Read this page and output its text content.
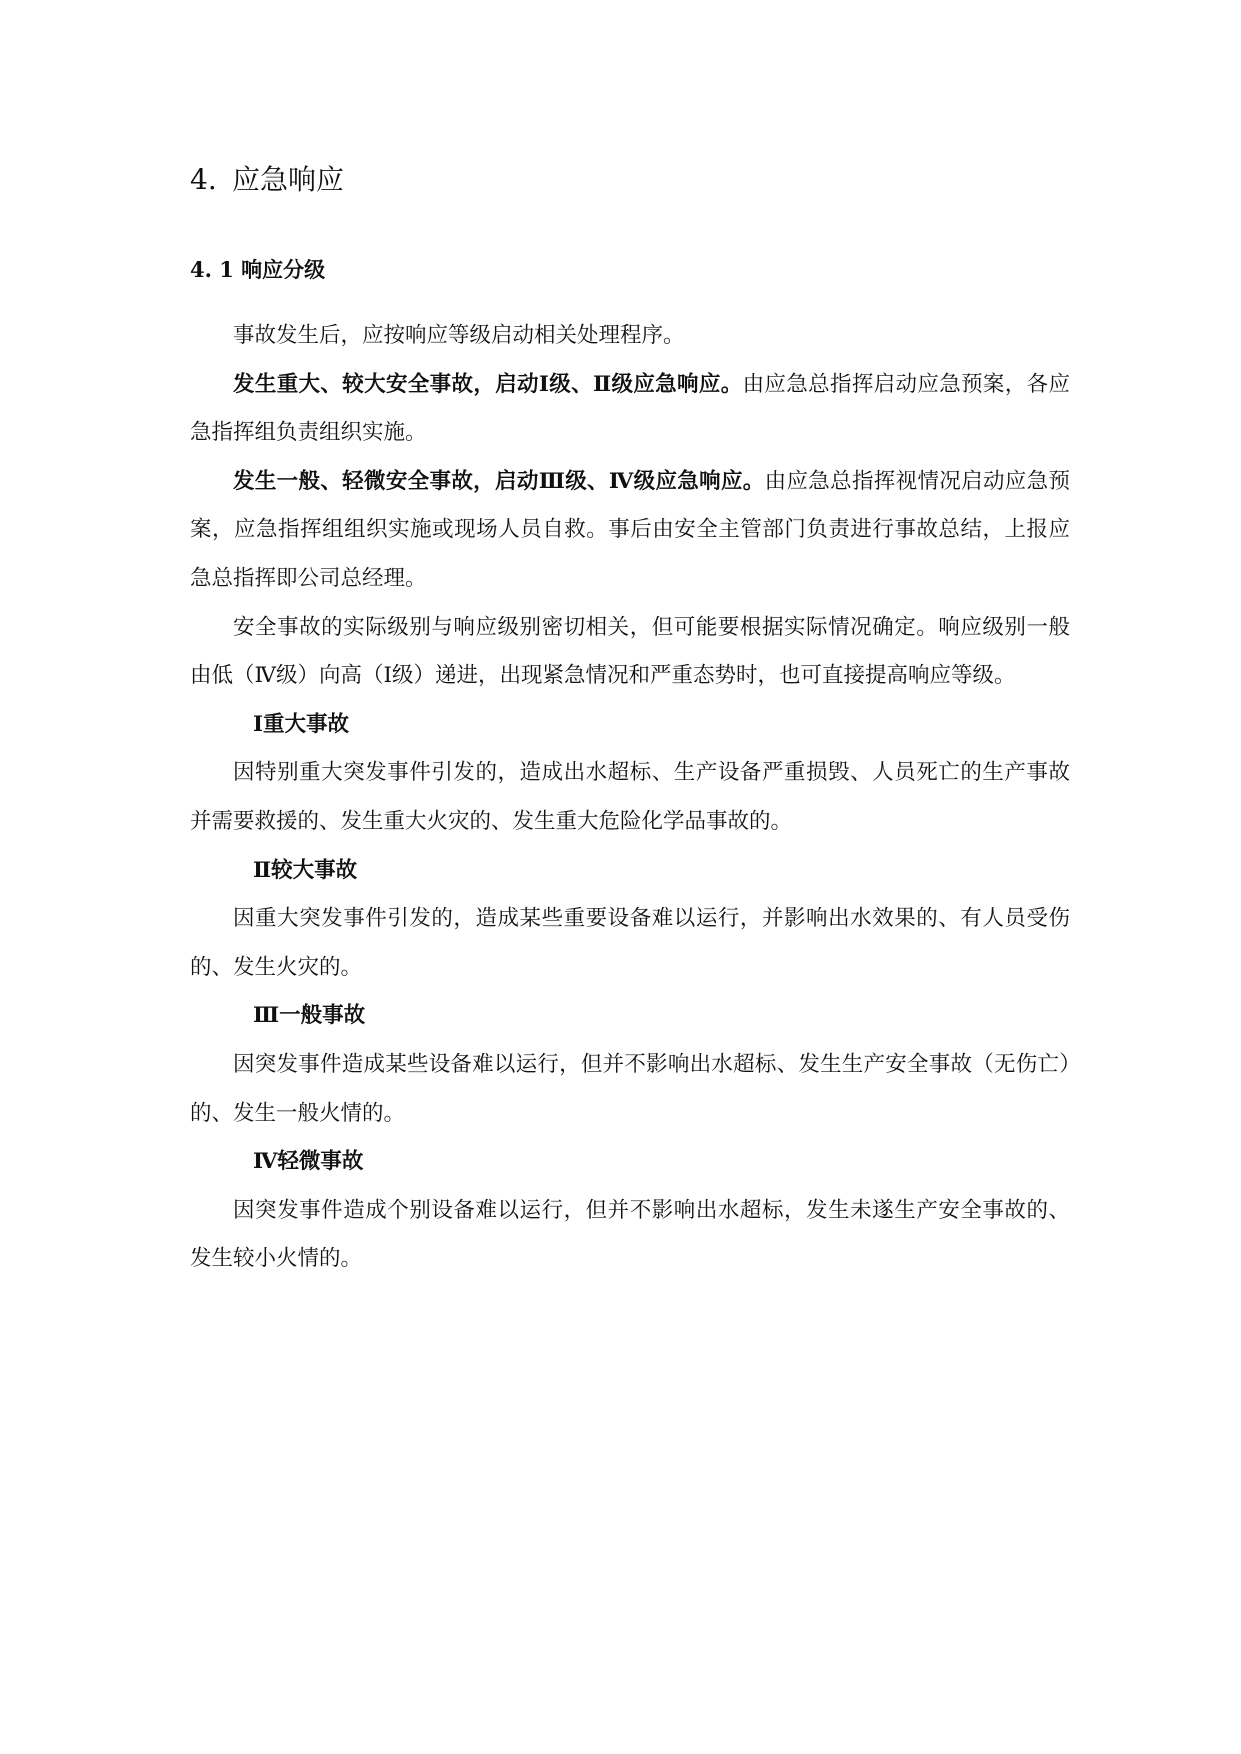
4. 应急响应
4. 1 响应分级

事故发生后，应按响应等级启动相关处理程序。

发生重大、较大安全事故，启动Ⅰ级、Ⅱ级应急响应。由应急总指挥启动应急预案，各应急指挥组负责组织实施。

发生一般、轻微安全事故，启动Ⅲ级、Ⅳ级应急响应。由应急总指挥视情况启动应急预案，应急指挥组组织实施或现场人员自救。事后由安全主管部门负责进行事故总结，上报应急总指挥即公司总经理。

安全事故的实际级别与响应级别密切相关，但可能要根据实际情况确定。响应级别一般由低（Ⅳ级）向高（Ⅰ级）递进，出现紧急情况和严重态势时，也可直接提高响应等级。

Ⅰ重大事故

因特别重大突发事件引发的，造成出水超标、生产设备严重损毁、人员死亡的生产事故并需要救援的、发生重大火灾的、发生重大危险化学品事故的。

Ⅱ较大事故

因重大突发事件引发的，造成某些重要设备难以运行，并影响出水效果的、有人员受伤的、发生火灾的。

Ⅲ一般事故

因突发事件造成某些设备难以运行，但并不影响出水超标、发生生产安全事故（无伤亡）的、发生一般火情的。

Ⅳ轻微事故

因突发事件造成个别设备难以运行，但并不影响出水超标，发生未遂生产安全事故的、发生较小火情的。
